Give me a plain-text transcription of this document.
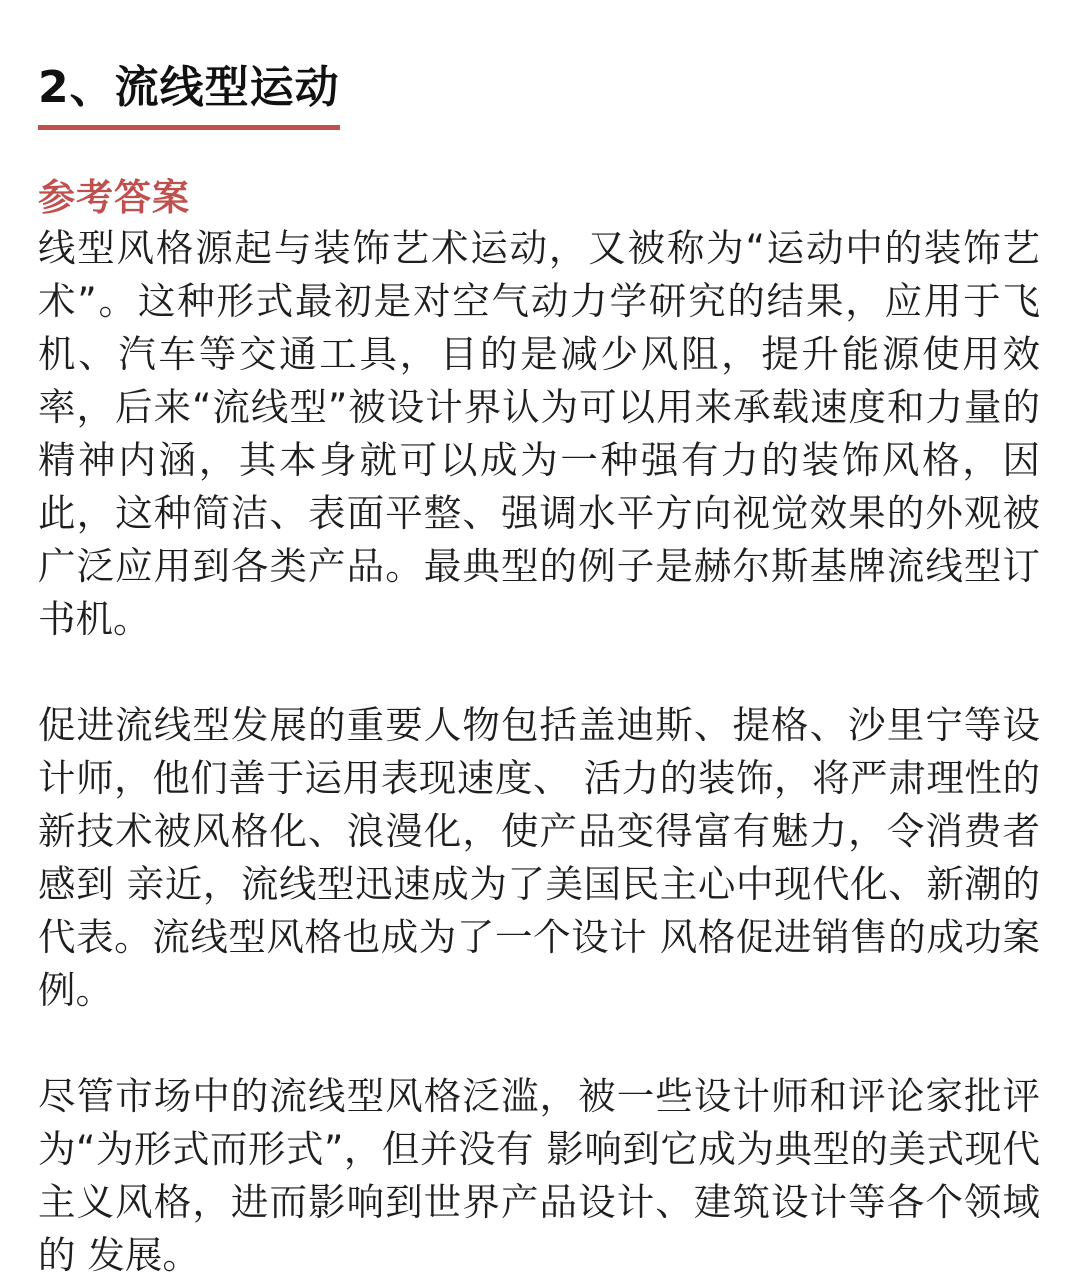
2、流线型运动
参考答案

线型风格源起与装饰艺术运动，又被称为“运动中的装饰艺术”。这种形式最初是对空气动力学研究的结果，应用于飞机、汽车等交通工具，目的是减少风阻，提升能源使用效率，后来“流线型”被设计界认为可以用来承载速度和力量的精神内涵，其本身就可以成为一种强有力的装饰风格，因此，这种简洁、表面平整、强调水平方向视觉效果的外观被广泛应用到各类产品。最典型的例子是赫尔斯基牌流线型订书机。

促进流线型发展的重要人物包括盖迪斯、提格、沙里宁等设计师，他们善于运用表现速度、 活力的装饰，将严肃理性的新技术被风格化、浪漫化，使产品变得富有魅力，令消费者感到 亲近，流线型迅速成为了美国民主心中现代化、新潮的代表。流线型风格也成为了一个设计 风格促进销售的成功案例。

尽管市场中的流线型风格泛滥，被一些设计师和评论家批评为“为形式而形式”，但并没有 影响到它成为典型的美式现代主义风格，进而影响到世界产品设计、建筑设计等各个领域的 发展。
